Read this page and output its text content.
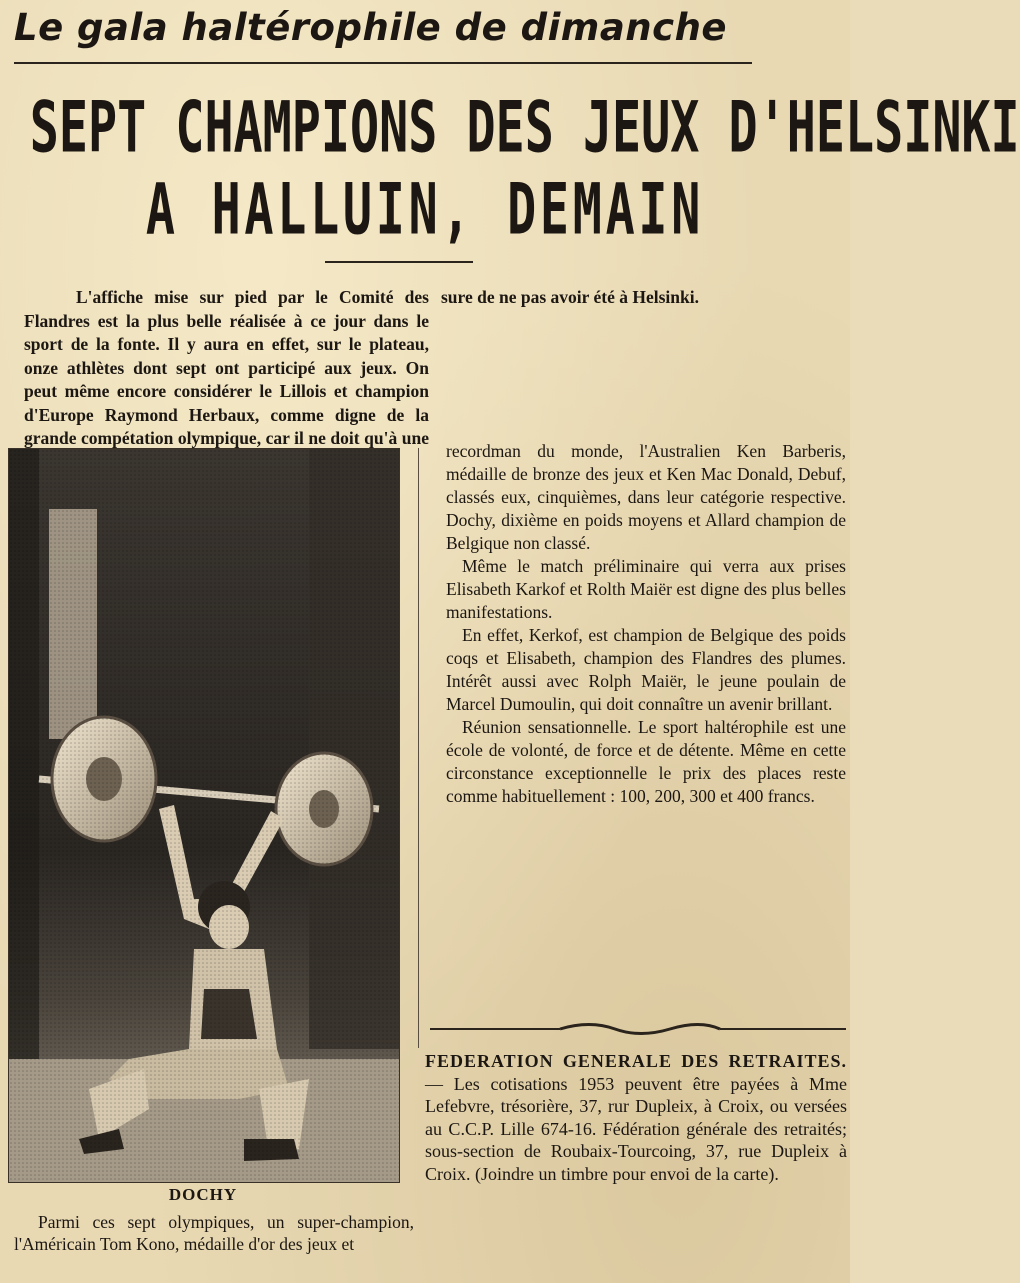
Le gala haltérophile de dimanche
SEPT CHAMPIONS DES JEUX D'HELSINKI
A HALLUIN, DEMAIN

L'affiche mise sur pied par le Comité des Flandres est la plus belle réalisée à ce jour dans le sport de la fonte. Il y aura en effet, sur le plateau, onze athlètes dont sept ont participé aux jeux. On peut même encore considérer le Lillois et champion d'Europe Raymond Herbaux, comme digne de la grande compétation olympique, car il ne doit qu'à une

sure de ne pas avoir été à Helsinki.

DOCHY
Parmi ces sept olympiques, un super-champion, l'Américain Tom Kono, médaille d'or des jeux et

recordman du monde, l'Australien Ken Barberis, médaille de bronze des jeux et Ken Mac Donald, Debuf, classés eux, cinquièmes, dans leur catégorie respective. Dochy, dixième en poids moyens et Allard champion de Belgique non classé.

Même le match préliminaire qui verra aux prises Elisabeth Karkof et Rolth Maiër est digne des plus belles manifestations.

En effet, Kerkof, est champion de Belgique des poids coqs et Elisabeth, champion des Flandres des plumes. Intérêt aussi avec Rolph Maiër, le jeune poulain de Marcel Dumoulin, qui doit connaître un avenir brillant.

Réunion sensationnelle. Le sport haltérophile est une école de volonté, de force et de détente. Même en cette circonstance exceptionnelle le prix des places reste comme habituellement : 100, 200, 300 et 400 francs.

FEDERATION GENERALE DES RETRAITES. — Les cotisations 1953 peuvent être payées à Mme Lefebvre, trésorière, 37, rur Dupleix, à Croix, ou versées au C.C.P. Lille 674-16. Fédération générale des retraités; sous-section de Roubaix-Tourcoing, 37, rue Dupleix à Croix. (Joindre un timbre pour envoi de la carte).
